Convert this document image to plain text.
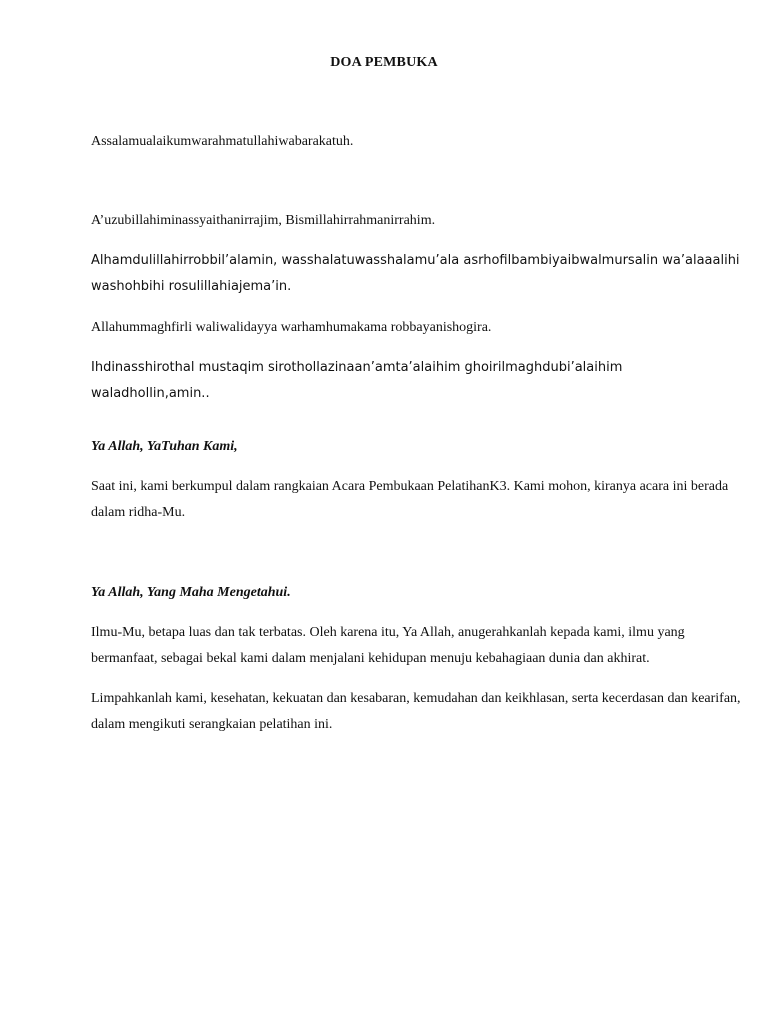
DOA PEMBUKA
Assalamualaikumwarahmatullahiwabarakatuh.
A’uzubillahiminassyaithanirrajim, Bismillahirrahmanirrahim.
Alhamdulillahirrobbil’alamin, wasshalatuwasshalamu’ala asrhofilbambiyaibwalmursalin wa’alaaalihi washohbihi rosulillahiajema’in.
Allahummaghfirli waliwalidayya warhamhumakama robbayanishogira.
Ihdinasshirothal mustaqim sirothollazinaan’amta’alaihim ghoirilmaghdubi’alaihim waladhollin,amin..
Ya Allah, YaTuhan Kami,
Saat ini, kami berkumpul dalam rangkaian Acara Pembukaan PelatihanK3. Kami mohon, kiranya acara ini berada dalam ridha-Mu.
Ya Allah, Yang Maha Mengetahui.
Ilmu-Mu, betapa luas dan tak terbatas. Oleh karena itu, Ya Allah, anugerahkanlah kepada kami, ilmu yang bermanfaat, sebagai bekal kami dalam menjalani kehidupan menuju kebahagiaan dunia dan akhirat.
Limpahkanlah kami, kesehatan, kekuatan dan kesabaran, kemudahan dan keikhlasan, serta kecerdasan dan kearifan, dalam mengikuti serangkaian pelatihan ini.
